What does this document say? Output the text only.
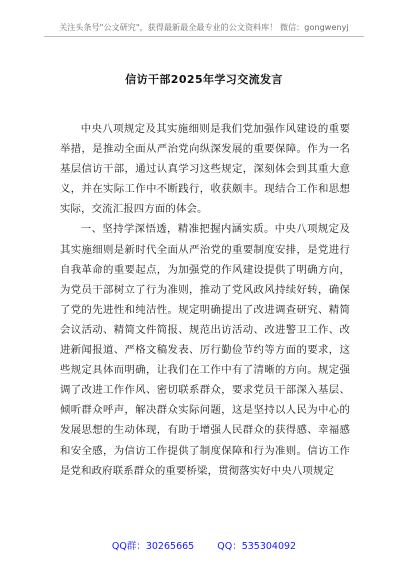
关注头条号"公文研究"，获得最新最全最专业的公文资料库！ 微信：gongwenyj
信访干部2025年学习交流发言

中央八项规定及其实施细则是我们党加强作风建设的重要举措，是推动全面从严治党向纵深发展的重要保障。作为一名基层信访干部，通过认真学习这些规定，深刻体会到其重大意义，并在实际工作中不断践行，收获颇丰。现结合工作和思想实际，交流汇报四方面的体会。

一、坚持学深悟透，精准把握内涵实质。中央八项规定及其实施细则是新时代全面从严治党的重要制度安排，是党进行自我革命的重要起点，为加强党的作风建设提供了明确方向，为党员干部树立了行为准则，推动了党风政风持续好转，确保了党的先进性和纯洁性。规定明确提出了改进调查研究、精简会议活动、精简文件简报、规范出访活动、改进警卫工作、改进新闻报道、严格文稿发表、厉行勤俭节约等方面的要求，这些规定具体而明确，让我们在工作中有了清晰的方向。规定强调了改进工作作风、密切联系群众，要求党员干部深入基层、倾听群众呼声，解决群众实际问题，这是坚持以人民为中心的发展思想的生动体现，有助于增强人民群众的获得感、幸福感和安全感，为信访工作提供了制度保障和行为准则。信访工作是党和政府联系群众的重要桥梁，贯彻落实好中央八项规定

QQ群：30265665 QQ：535304092
